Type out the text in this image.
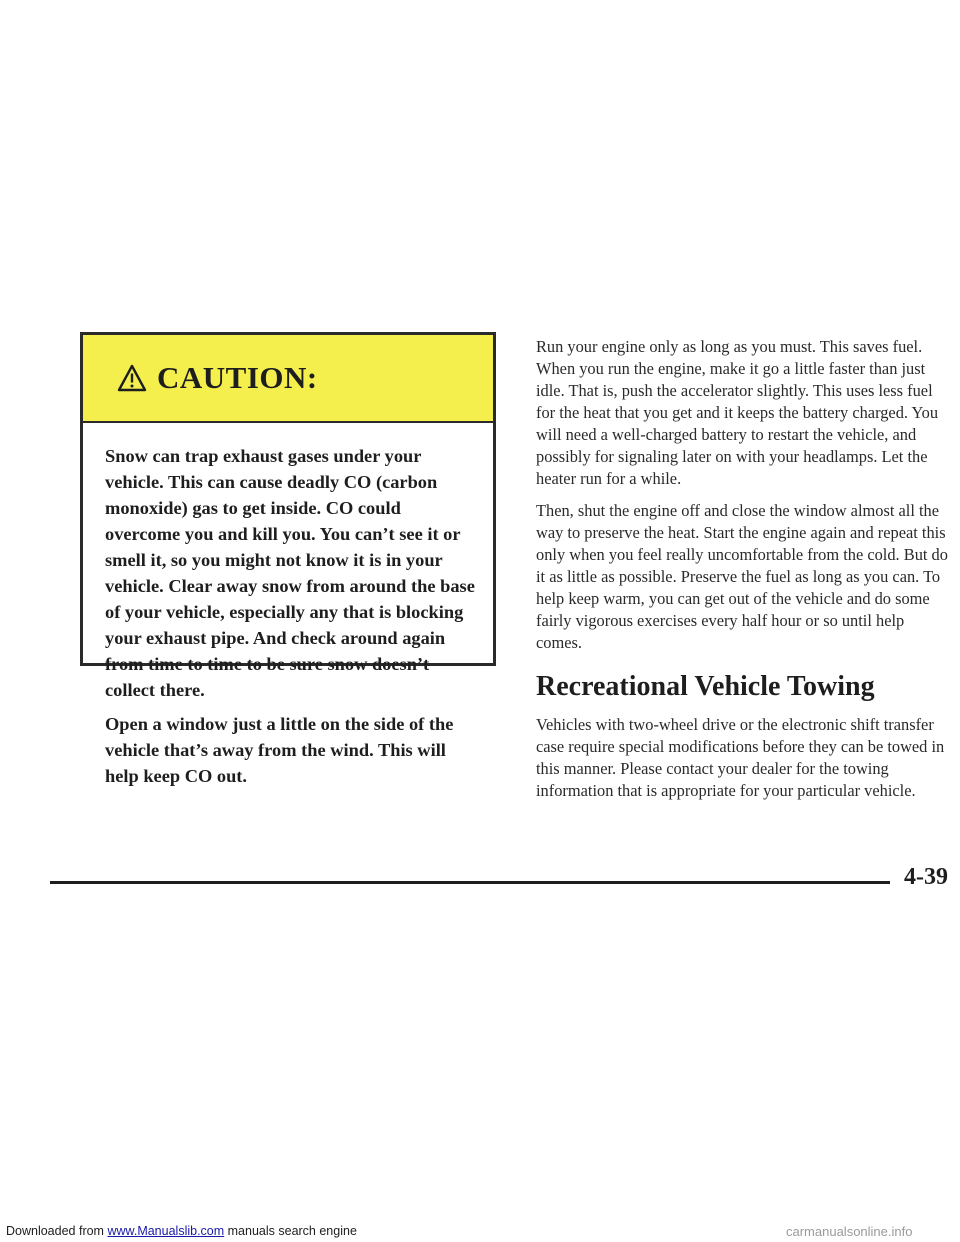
CAUTION:

Snow can trap exhaust gases under your vehicle. This can cause deadly CO (carbon monoxide) gas to get inside. CO could overcome you and kill you. You can’t see it or smell it, so you might not know it is in your vehicle. Clear away snow from around the base of your vehicle, especially any that is blocking your exhaust pipe. And check around again from time to time to be sure snow doesn’t collect there.

Open a window just a little on the side of the vehicle that’s away from the wind. This will help keep CO out.

Run your engine only as long as you must. This saves fuel. When you run the engine, make it go a little faster than just idle. That is, push the accelerator slightly. This uses less fuel for the heat that you get and it keeps the battery charged. You will need a well-charged battery to restart the vehicle, and possibly for signaling later on with your headlamps. Let the heater run for a while.

Then, shut the engine off and close the window almost all the way to preserve the heat. Start the engine again and repeat this only when you feel really uncomfortable from the cold. But do it as little as possible. Preserve the fuel as long as you can. To help keep warm, you can get out of the vehicle and do some fairly vigorous exercises every half hour or so until help comes.

Recreational Vehicle Towing

Vehicles with two-wheel drive or the electronic shift transfer case require special modifications before they can be towed in this manner. Please contact your dealer for the towing information that is appropriate for your particular vehicle.

4-39
Downloaded from www.Manualslib.com manuals search engine	carmanualsonline.info
